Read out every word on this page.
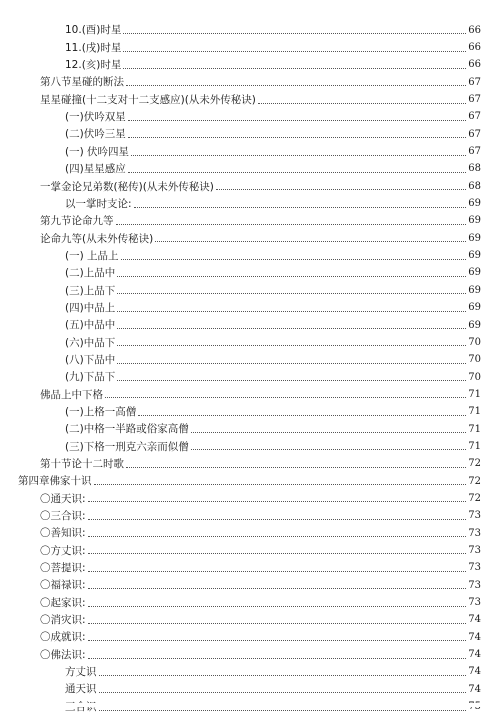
10.(酉)时星	66
11.(戌)时星	66
12.(亥)时星	66
第八节星碰的断法	67
星星碰撞(十二支对十二支感应)(从未外传秘诀)	67
(一)伏吟双星	67
(二)伏吟三星	67
(一) 伏吟四星	67
(四)星星感应	68
一掌金论兄弟数(秘传)(从未外传秘诀)	68
以一掌时支论:	69
第九节论命九等	69
论命九等(从未外传秘诀)	69
(一) 上品上	69
(二)上品中	69
(三)上品下	69
(四)中品上	69
(五)中品中	69
(六)中品下	70
(八)下品中	70
(九)下品下	70
佛品上中下格	71
(一)上格一高僧	71
(二)中格一半路或俗家高僧	71
(三)下格一刑克六亲而似僧	71
第十节论十二时歌	72
第四章佛家十识	72
〇通天识:	72
〇三合识:	73
〇善知识:	73
〇方丈识:	73
〇菩提识:	73
〇福禄识:	73
〇起家识:	73
〇消灾识:	74
〇成就识:	74
〇佛法识:	74
方丈识	74
通天识	74
